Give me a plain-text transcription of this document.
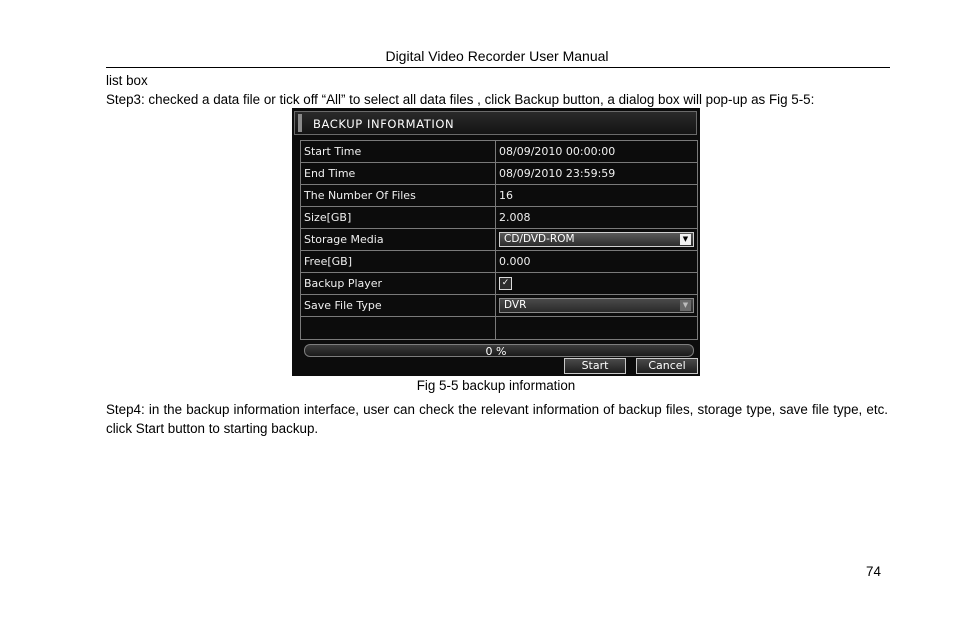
Digital Video Recorder User Manual
list box
Step3: checked a data file or tick off “All” to select all data files , click Backup button, a dialog box will pop-up as Fig 5-5:
BACKUP INFORMATION
Start Time	08/09/2010 00:00:00
End Time	08/09/2010 23:59:59
The Number Of Files	16
Size[GB]	2.008
Storage Media	CD/DVD-ROM ▼

Free[GB]	0.000
Backup Player	✓
Save File Type	DVR ▼

0 %
Start	Cancel
Fig 5-5 backup information
Step4: in the backup information interface, user can check the relevant information of backup files, storage type, save file type, etc. click Start button to starting backup.
74
